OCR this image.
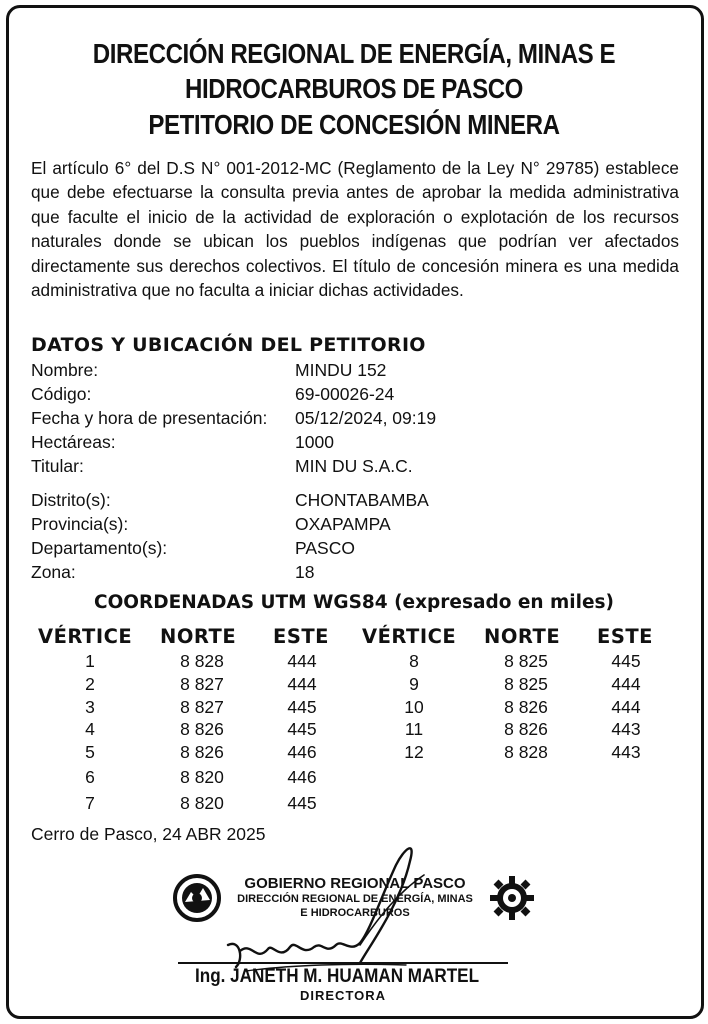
DIRECCIÓN REGIONAL DE ENERGÍA, MINAS E
HIDROCARBUROS DE PASCO
PETITORIO DE CONCESIÓN MINERA
El artículo 6° del D.S N° 001-2012-MC (Reglamento de la Ley N° 29785) establece que debe efectuarse la consulta previa antes de aprobar la medida administrativa que faculte el inicio de la actividad de exploración o explotación de los recursos naturales donde se ubican los pueblos indígenas que podrían ver afectados directamente sus derechos colectivos. El título de concesión minera es una medida administrativa que no faculta a iniciar dichas actividades.
DATOS Y UBICACIÓN DEL PETITORIO
Nombre:	MINDU 152
Código:	69-00026-24
Fecha y hora de presentación: 05/12/2024, 09:19
Hectáreas:	1000
Titular:	MIN DU S.A.C.
Distrito(s):	CHONTABAMBA
Provincia(s):	OXAPAMPA
Departamento(s):	PASCO
Zona:	18
COORDENADAS UTM WGS84 (expresado en miles)
VÉRTICE NORTE ESTE VÉRTICE NORTE ESTE
1	8 828	444
2	8 827	444
3	8 827	445
4	8 826	445
5	8 826	446
6	8 820	446
7	8 820	445
8	8 825	445
9	8 825	444
10	8 826	444
11	8 826	443
12	8 828	443
Cerro de Pasco, 24 ABR 2025
GOBIERNO REGIONAL PASCO
DIRECCIÓN REGIONAL DE ENERGÍA, MINAS
E HIDROCARBUROS
Ing. JANETH M. HUAMAN MARTEL
DIRECTORA
